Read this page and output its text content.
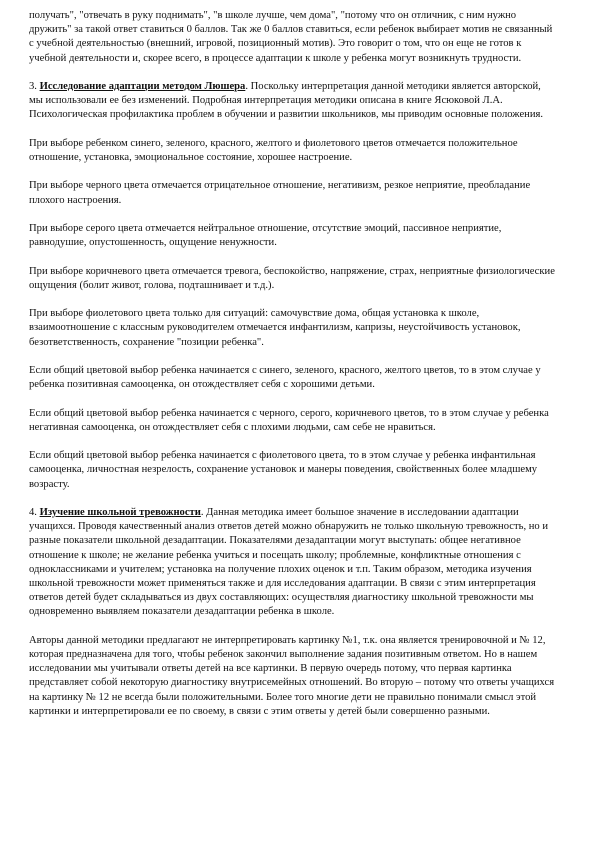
получать", "отвечать в руку поднимать", "в школе лучше, чем дома", "потому что он отличник, с ним нужно дружить" за такой ответ ставиться 0 баллов. Так же 0 баллов ставиться, если ребенок выбирает мотив не связанный с учебной деятельностью (внешний, игровой, позиционный мотив). Это говорит о том, что он еще не готов к учебной деятельности и, скорее всего, в процессе адаптации к школе у ребенка могут возникнуть трудности.

3. Исследование адаптации методом Люшера. Поскольку интерпретация данной методики является авторской, мы использовали ее без изменений. Подробная интерпретация методики описана в книге Ясюковой Л.А. Психологическая профилактика проблем в обучении и развитии школьников, мы приводим основные положения.

При выборе ребенком синего, зеленого, красного, желтого и фиолетового цветов отмечается положительное отношение, установка, эмоциональное состояние, хорошее настроение.

При выборе черного цвета отмечается отрицательное отношение, негативизм, резкое неприятие, преобладание плохого настроения.

При выборе серого цвета отмечается нейтральное отношение, отсутствие эмоций, пассивное неприятие, равнодушие, опустошенность, ощущение ненужности.

При выборе коричневого цвета отмечается тревога, беспокойство, напряжение, страх, неприятные физиологические ощущения (болит живот, голова, подташнивает и т.д.).

При выборе фиолетового цвета только для ситуаций: самочувствие дома, общая установка к школе, взаимоотношение с классным руководителем отмечается инфантилизм, капризы, неустойчивость установок, безответственность, сохранение "позиции ребенка".

Если общий цветовой выбор ребенка начинается с синего, зеленого, красного, желтого цветов, то в этом случае у ребенка позитивная самооценка, он отождествляет себя с хорошими детьми.

Если общий цветовой выбор ребенка начинается с черного, серого, коричневого цветов, то в этом случае у ребенка негативная самооценка, он отождествляет себя с плохими людьми, сам себе не нравиться.

Если общий цветовой выбор ребенка начинается с фиолетового цвета, то в этом случае у ребенка инфантильная самооценка, личностная незрелость, сохранение установок и манеры поведения, свойственных более младшему возрасту.

4. Изучение школьной тревожности. Данная методика имеет большое значение в исследовании адаптации учащихся. Проводя качественный анализ ответов детей можно обнаружить не только школьную тревожность, но и разные показатели школьной дезадаптации. Показателями дезадаптации могут выступать: общее негативное отношение к школе; не желание ребенка учиться и посещать школу; проблемные, конфликтные отношения с одноклассниками и учителем; установка на получение плохих оценок и т.п. Таким образом, методика изучения школьной тревожности может применяться также и для исследования адаптации. В связи с этим интерпретация ответов детей будет складываться из двух составляющих: осуществляя диагностику школьной тревожности мы одновременно выявляем показатели дезадаптации ребенка в школе.

Авторы данной методики предлагают не интерпретировать картинку №1, т.к. она является тренировочной и № 12, которая предназначена для того, чтобы ребенок закончил выполнение задания позитивным ответом. Но в нашем исследовании мы учитывали ответы детей на все картинки. В первую очередь потому, что первая картинка представляет собой некоторую диагностику внутрисемейных отношений. Во вторую – потому что ответы учащихся на картинку № 12 не всегда были положительными. Более того многие дети не правильно понимали смысл этой картинки и интерпретировали ее по своему, в связи с этим ответы у детей были совершенно разными.
